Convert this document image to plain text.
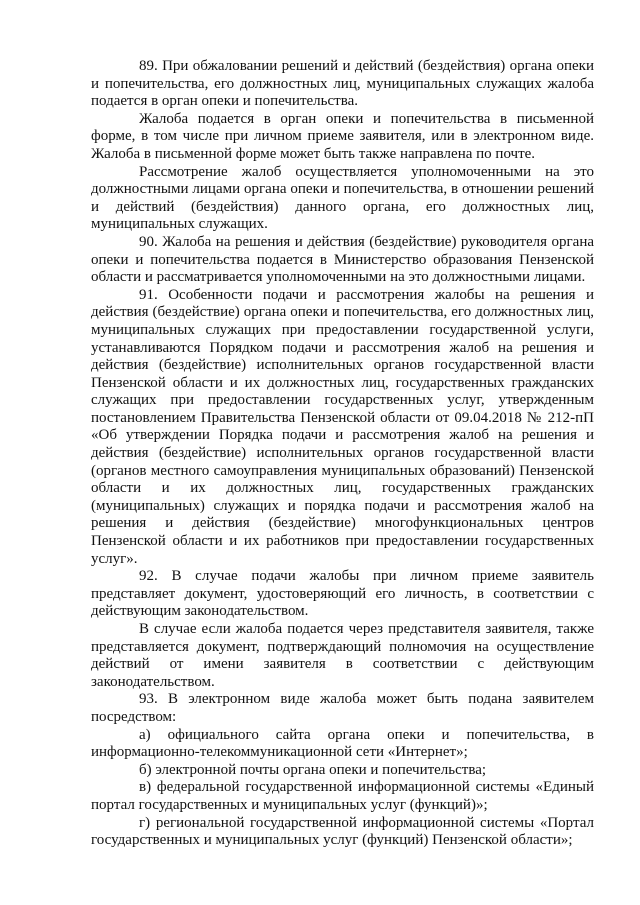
89. При обжаловании решений и действий (бездействия) органа опеки и попечительства, его должностных лиц, муниципальных служащих жалоба подается в орган опеки и попечительства.

Жалоба подается в орган опеки и попечительства в письменной форме, в том числе при личном приеме заявителя, или в электронном виде. Жалоба в письменной форме может быть также направлена по почте.

Рассмотрение жалоб осуществляется уполномоченными на это должностными лицами органа опеки и попечительства, в отношении решений и действий (бездействия) данного органа, его должностных лиц, муниципальных служащих.

90. Жалоба на решения и действия (бездействие) руководителя органа опеки и попечительства подается в Министерство образования Пензенской области и рассматривается уполномоченными на это должностными лицами.

91. Особенности подачи и рассмотрения жалобы на решения и действия (бездействие) органа опеки и попечительства, его должностных лиц, муниципальных служащих при предоставлении государственной услуги, устанавливаются Порядком подачи и рассмотрения жалоб на решения и действия (бездействие) исполнительных органов государственной власти Пензенской области и их должностных лиц, государственных гражданских служащих при предоставлении государственных услуг, утвержденным постановлением Правительства Пензенской области от 09.04.2018 № 212-пП «Об утверждении Порядка подачи и рассмотрения жалоб на решения и действия (бездействие) исполнительных органов государственной власти (органов местного самоуправления муниципальных образований) Пензенской области и их должностных лиц, государственных гражданских (муниципальных) служащих и порядка подачи и рассмотрения жалоб на решения и действия (бездействие) многофункциональных центров Пензенской области и их работников при предоставлении государственных услуг».

92. В случае подачи жалобы при личном приеме заявитель представляет документ, удостоверяющий его личность, в соответствии с действующим законодательством.

В случае если жалоба подается через представителя заявителя, также представляется документ, подтверждающий полномочия на осуществление действий от имени заявителя в соответствии с действующим законодательством.

93. В электронном виде жалоба может быть подана заявителем посредством:

а) официального сайта органа опеки и попечительства, в информационно-телекоммуникационной сети «Интернет»;

б) электронной почты органа опеки и попечительства;

в) федеральной государственной информационной системы «Единый портал государственных и муниципальных услуг (функций)»;

г) региональной государственной информационной системы «Портал государственных и муниципальных услуг (функций) Пензенской области»;
